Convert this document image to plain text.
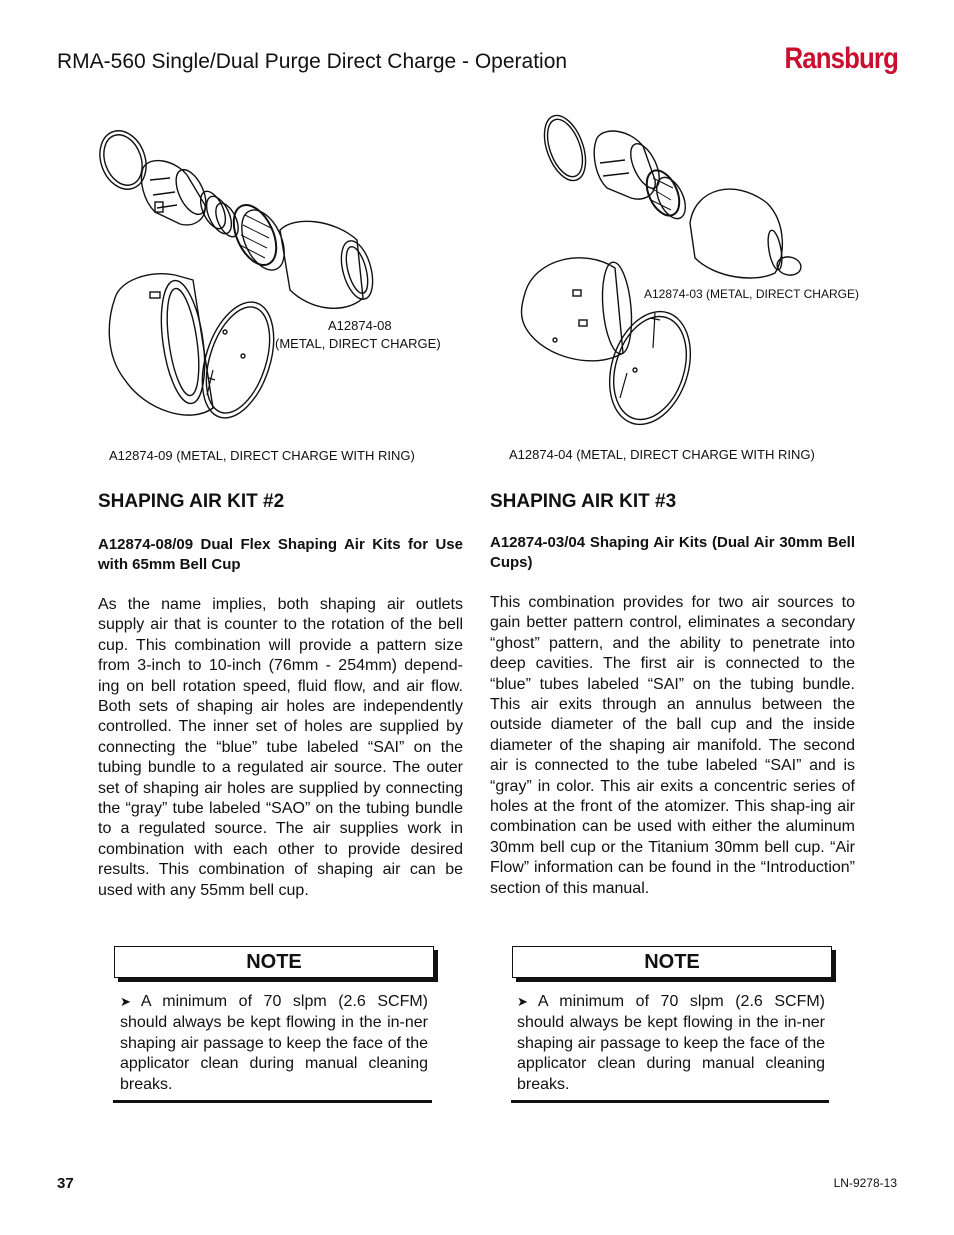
RMA-560 Single/Dual Purge Direct Charge - Operation	Ransburg
A12874-08
(METAL, DIRECT CHARGE)
A12874-09 (METAL, DIRECT CHARGE WITH RING)
A12874-03 (METAL, DIRECT CHARGE)
A12874-04 (METAL, DIRECT CHARGE WITH RING)

SHAPING AIR KIT #2

A12874-08/09 Dual Flex Shaping Air Kits for Use with 65mm Bell Cup

As the name implies, both shaping air outlets supply air that is counter to the rotation of the bell cup. This combination will provide a pattern size from 3-inch to 10-inch (76mm - 254mm) depend-ing on bell rotation speed, fluid flow, and air flow. Both sets of shaping air holes are independently controlled. The inner set of holes are supplied by connecting the “blue” tube labeled “SAI” on the tubing bundle to a regulated air source. The outer set of shaping air holes are supplied by connecting the “gray” tube labeled “SAO” on the tubing bundle to a regulated source. The air supplies work in combination with each other to provide desired results. This combination of shaping air can be used with any 55mm bell cup.

SHAPING AIR KIT #3

A12874-03/04 Shaping Air Kits (Dual Air 30mm Bell Cups)

This combination provides for two air sources to gain better pattern control, eliminates a secondary “ghost” pattern, and the ability to penetrate into deep cavities. The first air is connected to the “blue” tubes labeled “SAI” on the tubing bundle. This air exits through an annulus between the outside diameter of the ball cup and the inside diameter of the shaping air manifold. The second air is connected to the tube labeled “SAI” and is “gray” in color. This air exits a concentric series of holes at the front of the atomizer. This shap-ing air combination can be used with either the aluminum 30mm bell cup or the Titanium 30mm bell cup. “Air Flow” information can be found in the “Introduction” section of this manual.

NOTE
➤ A minimum of 70 slpm (2.6 SCFM) should always be kept flowing in the in-ner shaping air passage to keep the face of the applicator clean during manual cleaning breaks.
NOTE
➤ A minimum of 70 slpm (2.6 SCFM) should always be kept flowing in the in-ner shaping air passage to keep the face of the applicator clean during manual cleaning breaks.
37	LN-9278-13
